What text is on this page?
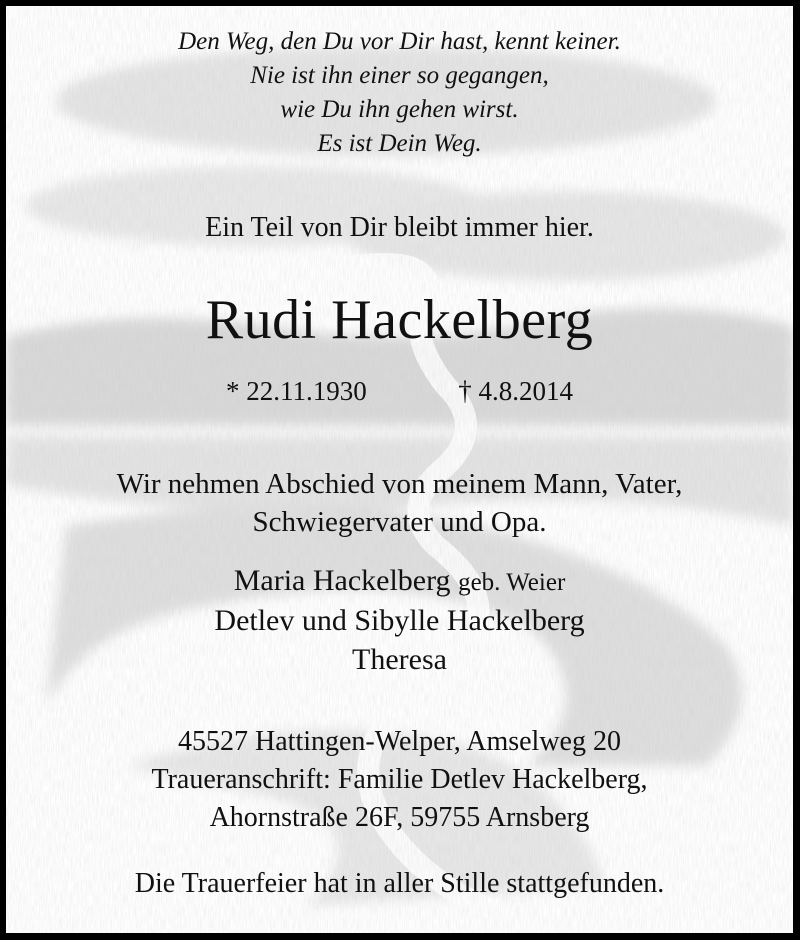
Den Weg, den Du vor Dir hast, kennt keiner.
Nie ist ihn einer so gegangen,
wie Du ihn gehen wirst.
Es ist Dein Weg.
Ein Teil von Dir bleibt immer hier.
Rudi Hackelberg
* 22.11.1930	† 4.8.2014
Wir nehmen Abschied von meinem Mann, Vater,
Schwiegervater und Opa.
Maria Hackelberg geb. Weier
Detlev und Sibylle Hackelberg
Theresa
45527 Hattingen-Welper, Amselweg 20
Traueranschrift: Familie Detlev Hackelberg,
Ahornstraße 26F, 59755 Arnsberg
Die Trauerfeier hat in aller Stille stattgefunden.
